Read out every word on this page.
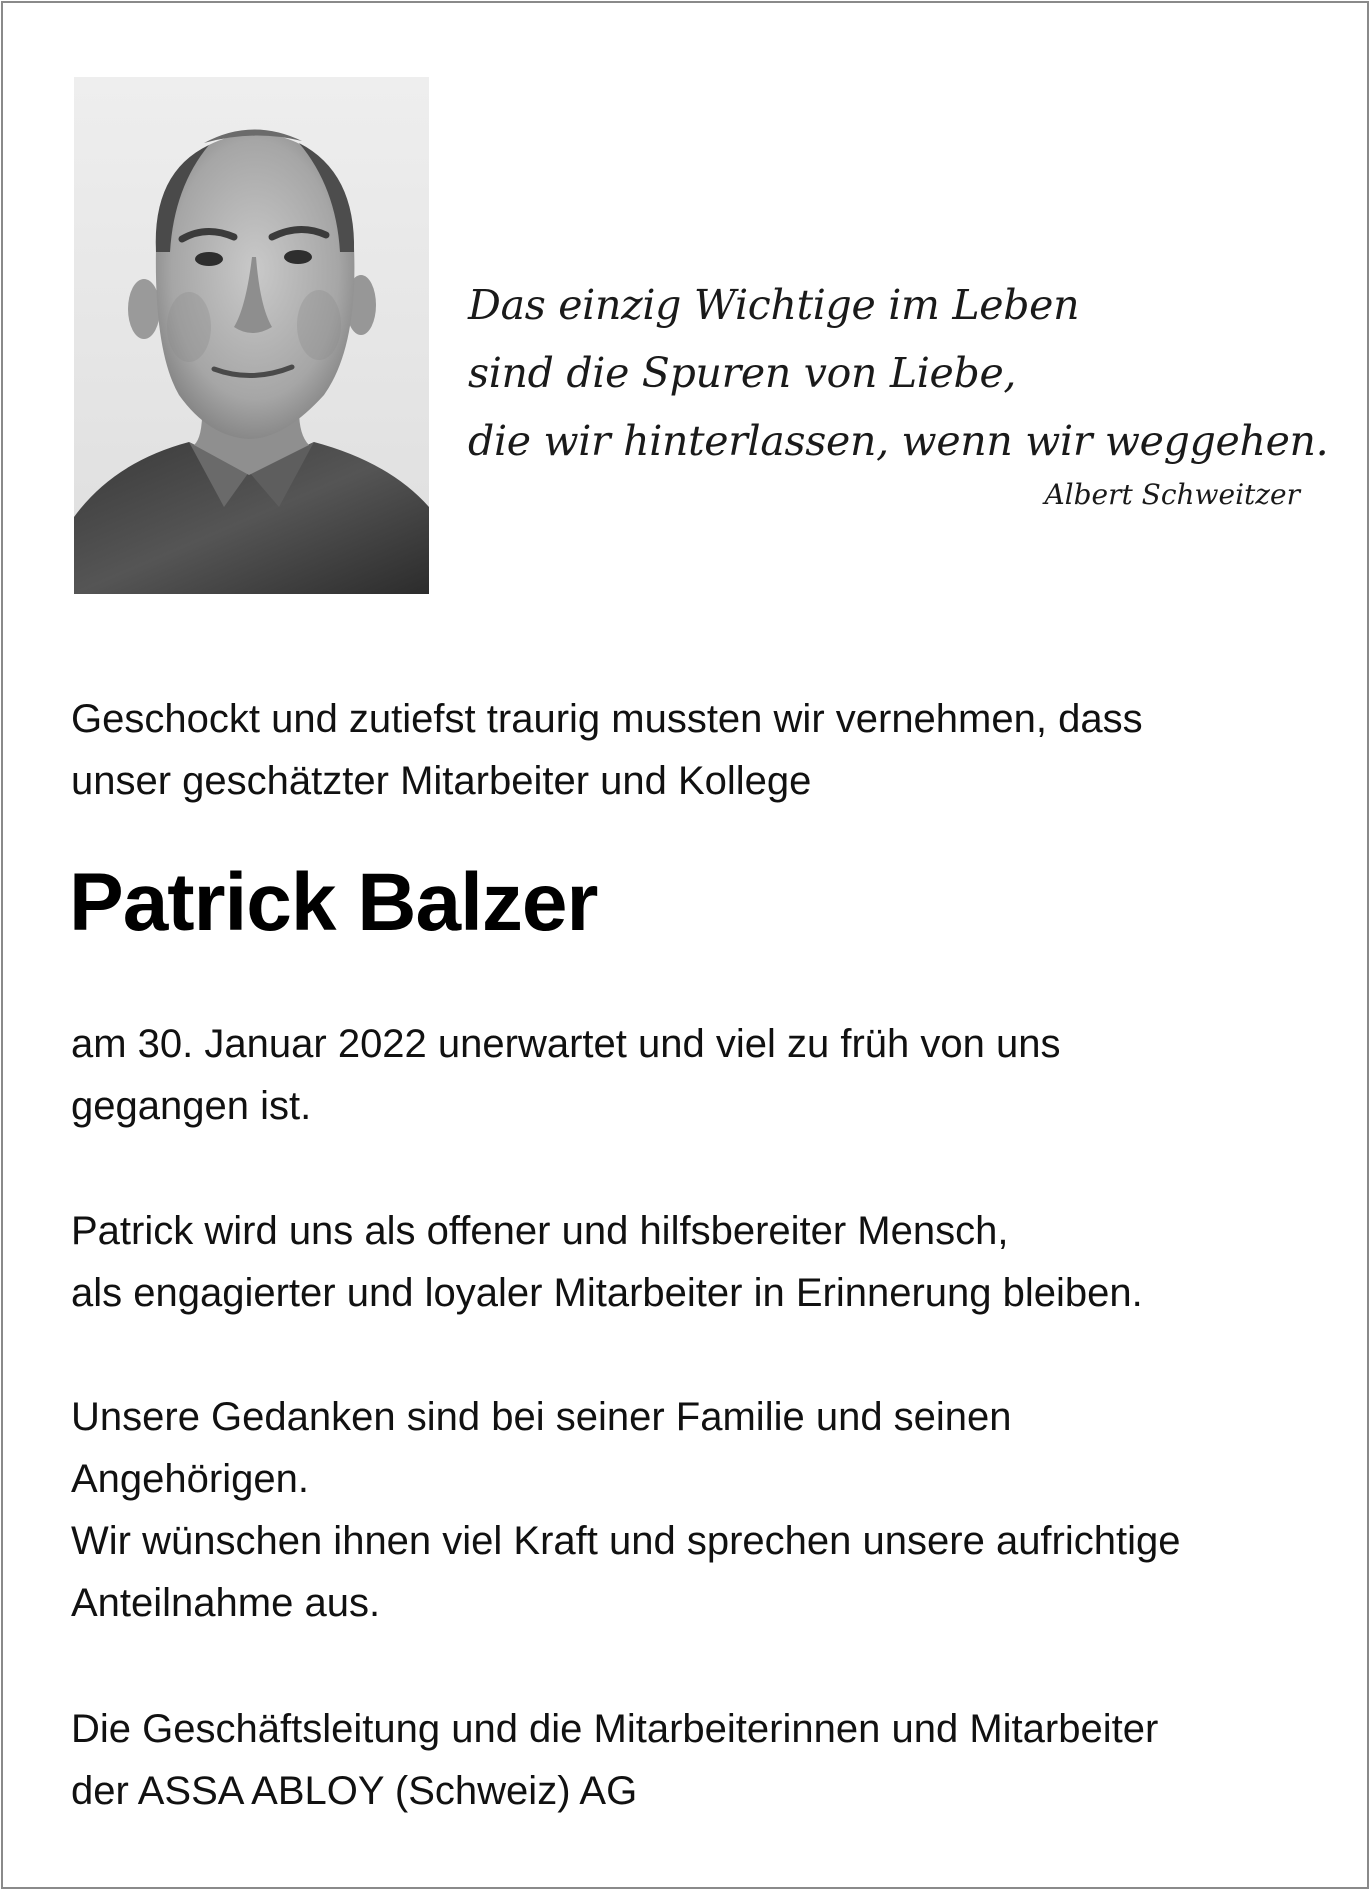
Das einzig Wichtige im Leben
sind die Spuren von Liebe,
die wir hinterlassen, wenn wir weggehen.
Albert Schweitzer
Geschockt und zutiefst traurig mussten wir vernehmen, dass
unser geschätzter Mitarbeiter und Kollege
Patrick Balzer
am 30. Januar 2022 unerwartet und viel zu früh von uns
gegangen ist.
Patrick wird uns als offener und hilfsbereiter Mensch,
als engagierter und loyaler Mitarbeiter in Erinnerung bleiben.
Unsere Gedanken sind bei seiner Familie und seinen
Angehörigen.
Wir wünschen ihnen viel Kraft und sprechen unsere aufrichtige
Anteilnahme aus.
Die Geschäftsleitung und die Mitarbeiterinnen und Mitarbeiter
der ASSA ABLOY (Schweiz) AG
